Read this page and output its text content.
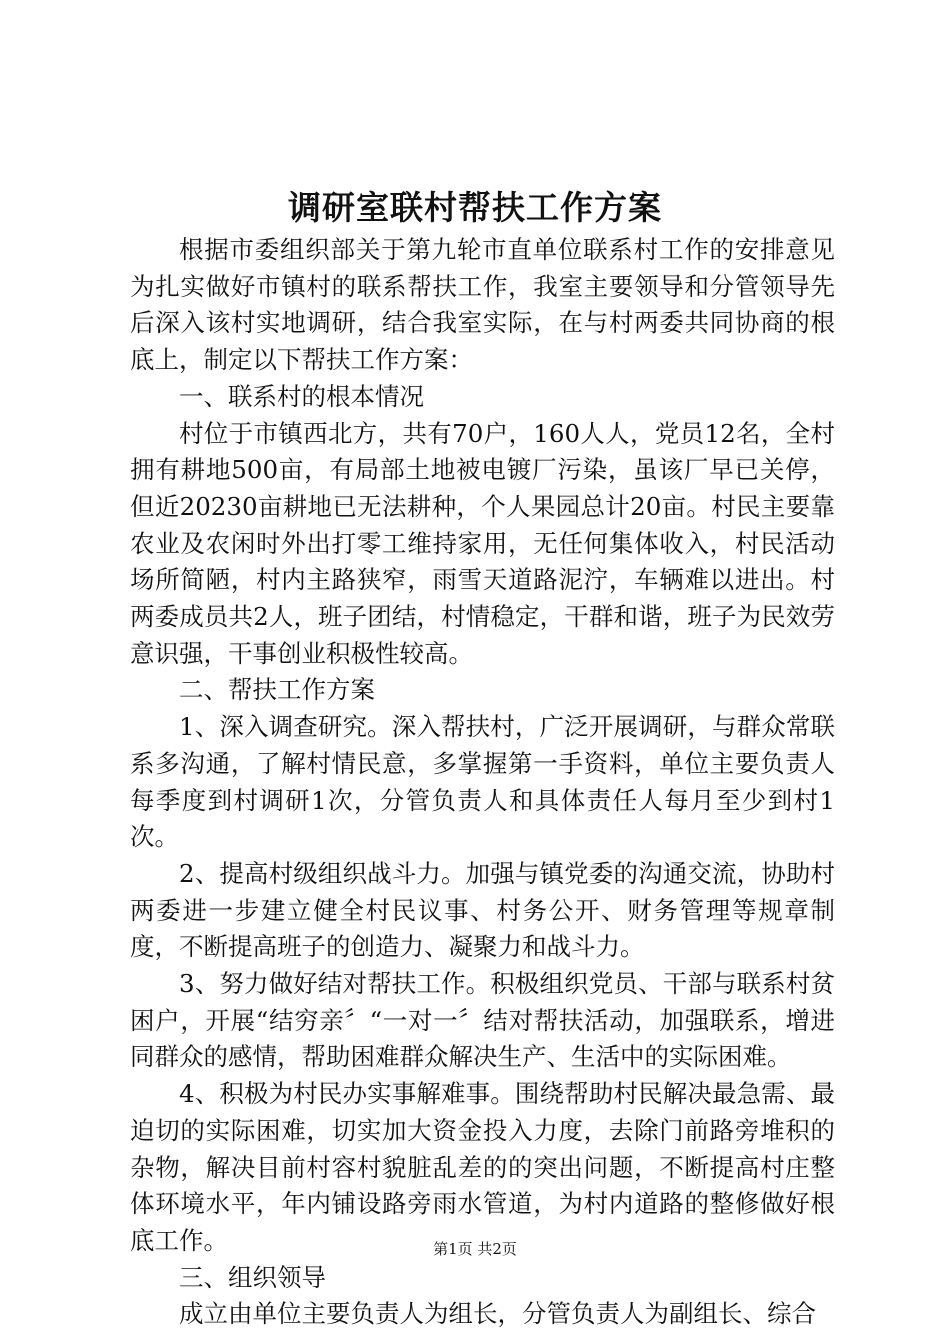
调研室联村帮扶工作方案

根据市委组织部关于第九轮市直单位联系村工作的安排意见为扎实做好市镇村的联系帮扶工作，我室主要领导和分管领导先后深入该村实地调研，结合我室实际，在与村两委共同协商的根底上，制定以下帮扶工作方案：

一、联系村的根本情况

村位于市镇西北方，共有70户，160人人，党员12名，全村拥有耕地500亩，有局部土地被电镀厂污染，虽该厂早已关停，但近20230亩耕地已无法耕种，个人果园总计20亩。村民主要靠农业及农闲时外出打零工维持家用，无任何集体收入，村民活动场所简陋，村内主路狭窄，雨雪天道路泥泞，车辆难以进出。村两委成员共2人，班子团结，村情稳定，干群和谐，班子为民效劳意识强，干事创业积极性较高。

二、帮扶工作方案

1、深入调查研究。深入帮扶村，广泛开展调研，与群众常联系多沟通，了解村情民意，多掌握第一手资料，单位主要负责人每季度到村调研1次，分管负责人和具体责任人每月至少到村1次。

2、提高村级组织战斗力。加强与镇党委的沟通交流，协助村两委进一步建立健全村民议事、村务公开、财务管理等规章制度，不断提高班子的创造力、凝聚力和战斗力。

3、努力做好结对帮扶工作。积极组织党员、干部与联系村贫困户，开展“结穷亲〞“一对一〞结对帮扶活动，加强联系，增进同群众的感情，帮助困难群众解决生产、生活中的实际困难。

4、积极为村民办实事解难事。围绕帮助村民解决最急需、最迫切的实际困难，切实加大资金投入力度，去除门前路旁堆积的杂物，解决目前村容村貌脏乱差的的突出问题，不断提高村庄整体环境水平，年内铺设路旁雨水管道，为村内道路的整修做好根底工作。

三、组织领导

成立由单位主要负责人为组长，分管负责人为副组长、综合

第1页 共2页
